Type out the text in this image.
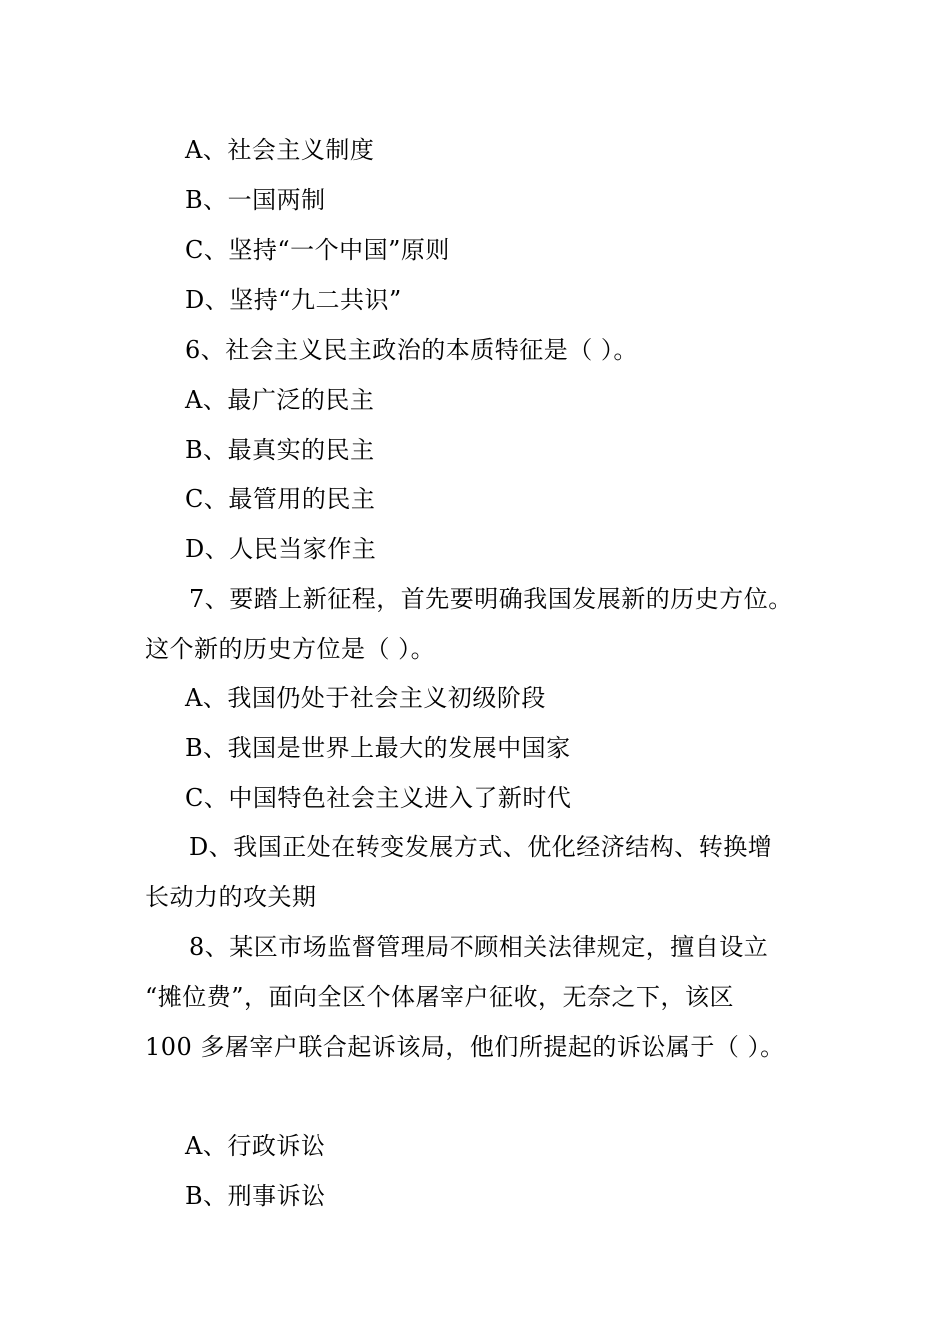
A、社会主义制度
B、一国两制
C、坚持“一个中国”原则
D、坚持“九二共识”
6、社会主义民主政治的本质特征是（ ）。
A、最广泛的民主
B、最真实的民主
C、最管用的民主
D、人民当家作主
7、要踏上新征程，首先要明确我国发展新的历史方位。
这个新的历史方位是（ ）。
A、我国仍处于社会主义初级阶段
B、我国是世界上最大的发展中国家
C、中国特色社会主义进入了新时代
D、我国正处在转变发展方式、优化经济结构、转换增
长动力的攻关期
8、某区市场监督管理局不顾相关法律规定，擅自设立
“摊位费”，面向全区个体屠宰户征收，无奈之下，该区
100 多屠宰户联合起诉该局，他们所提起的诉讼属于（ ）。
A、行政诉讼
B、刑事诉讼
